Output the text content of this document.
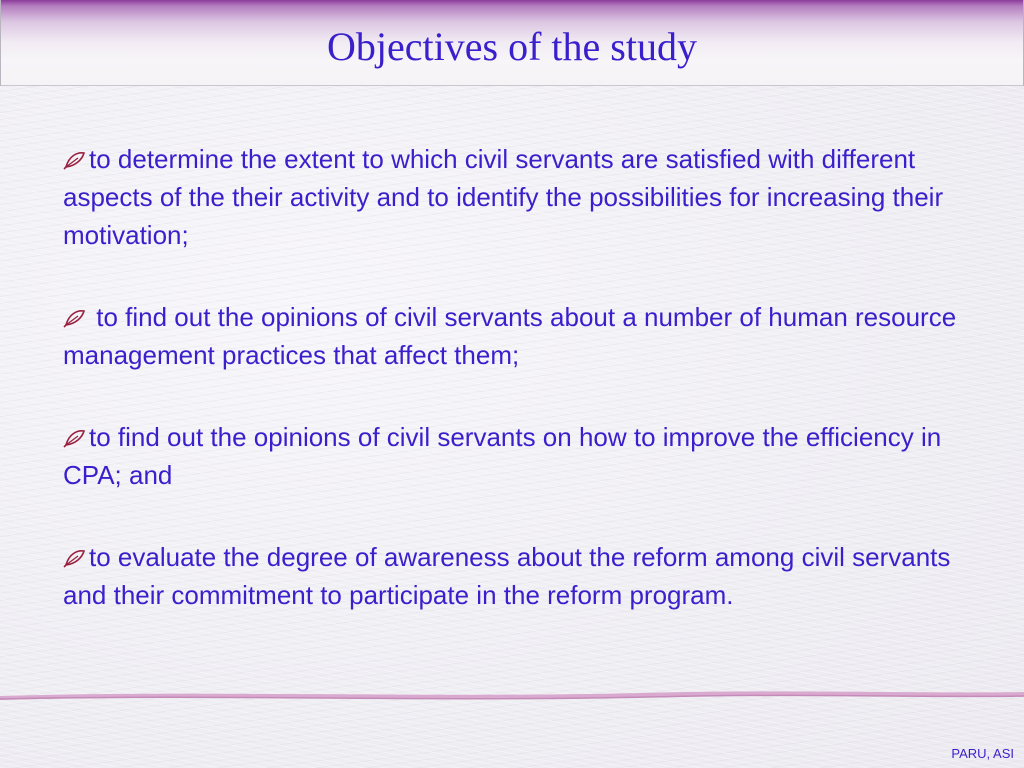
Objectives of the study

to determine the extent to which civil servants are satisfied with different aspects of the their activity and to identify the possibilities for increasing their motivation;

to find out the opinions of civil servants about a number of human resource management practices that affect them;

to find out the opinions of civil servants on how to improve the efficiency in CPA; and

to evaluate the degree of awareness about the reform among civil servants and their commitment to participate in the reform program.

PARU, ASI
